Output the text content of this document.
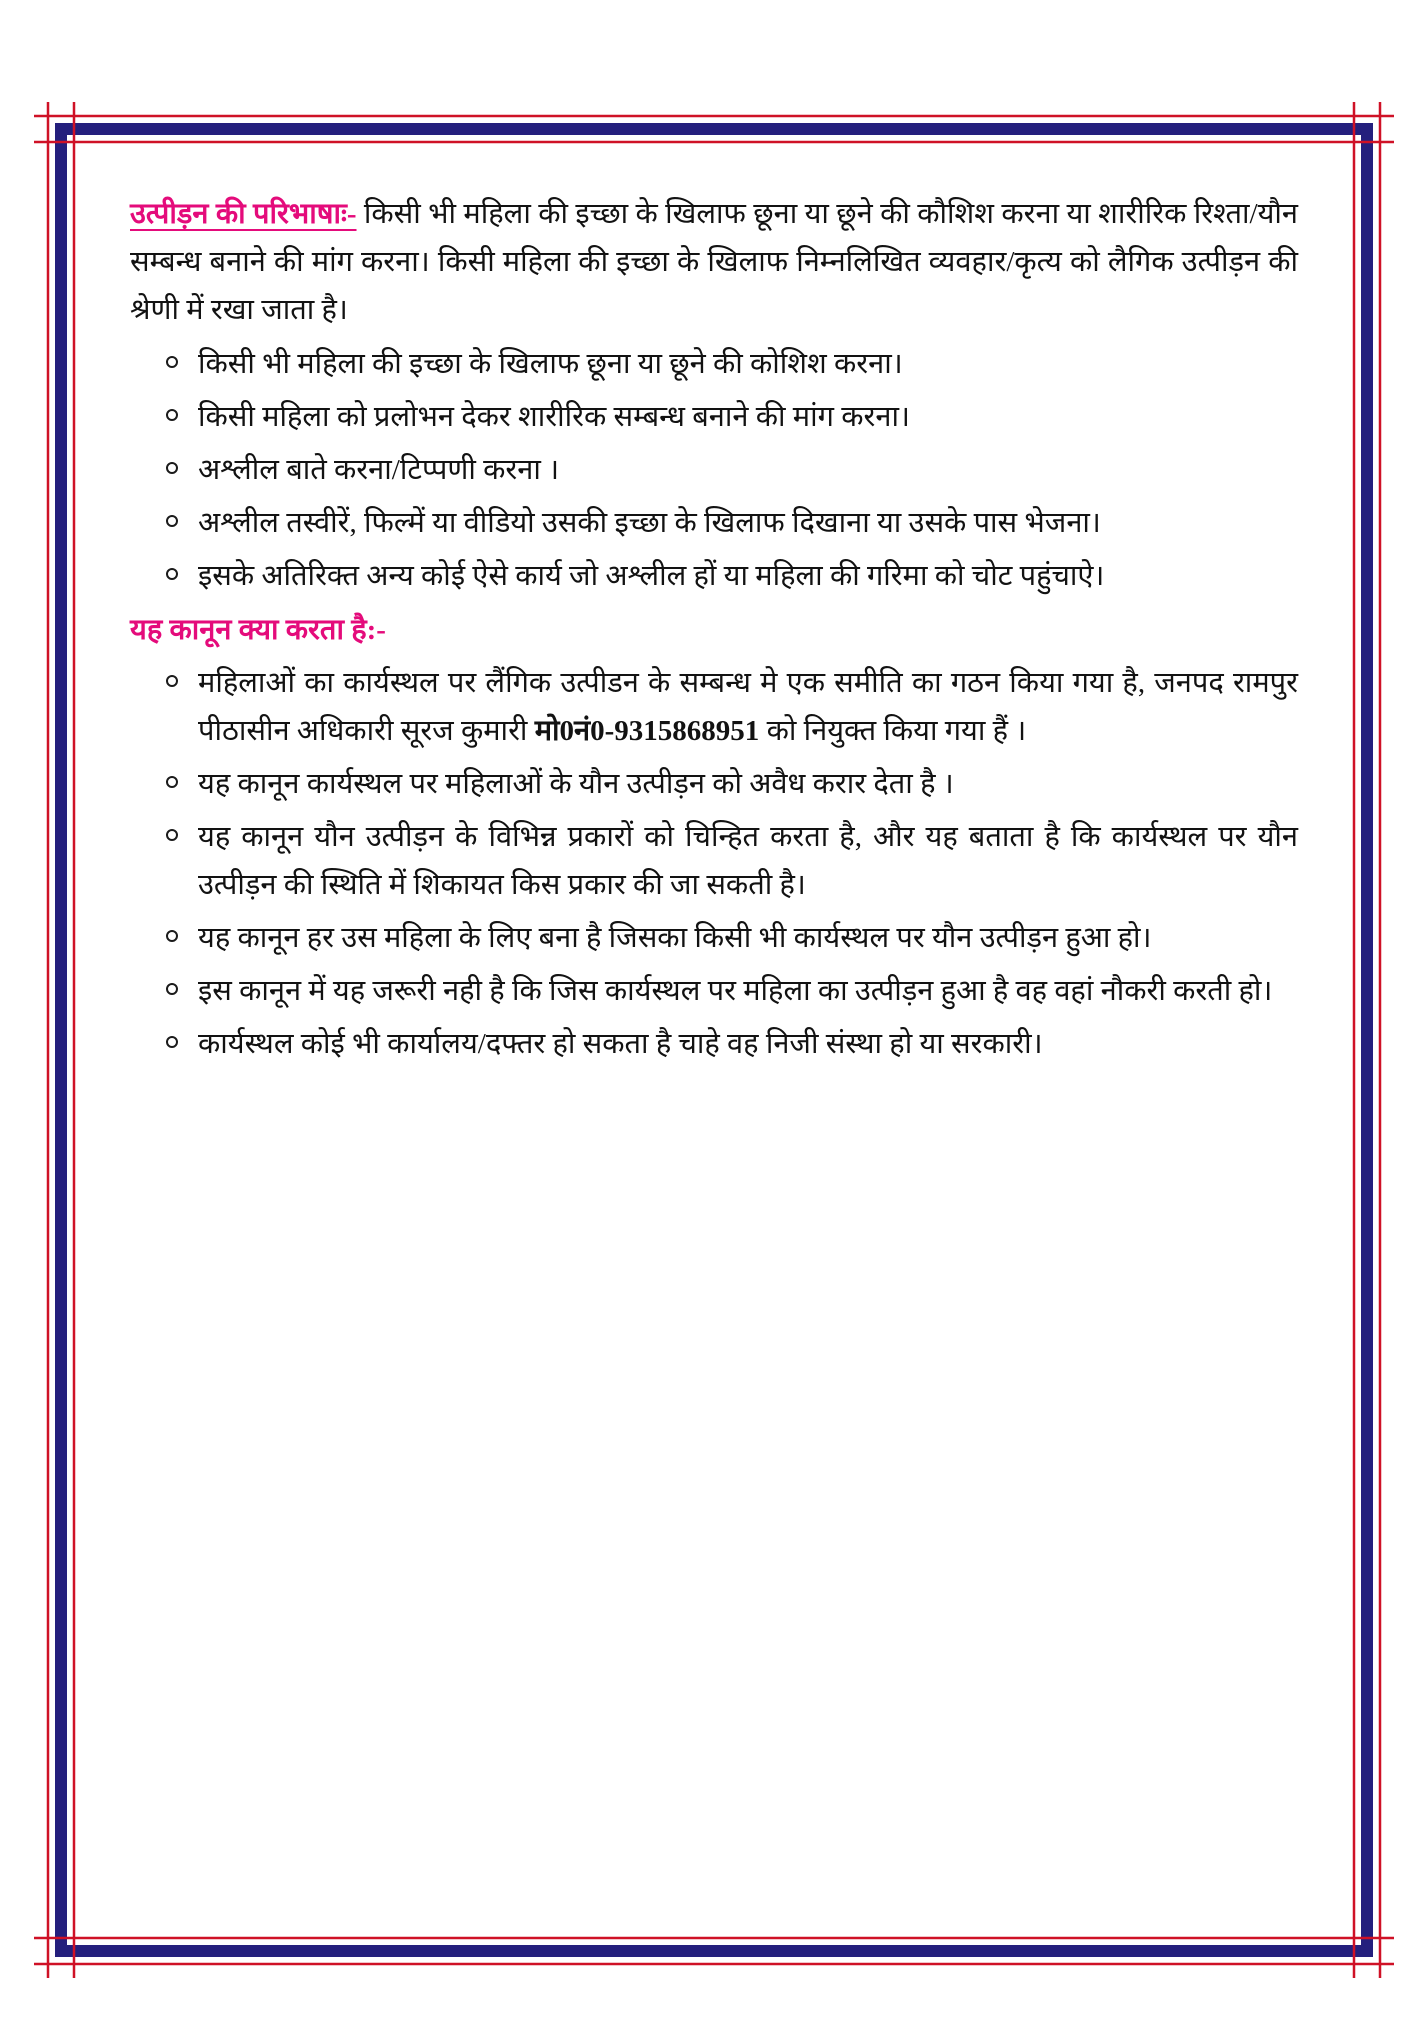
उत्पीड़न की परिभाषाः- किसी भी महिला की इच्छा के खिलाफ छूना या छूने की कौशिश करना या शारीरिक रिश्ता/यौन सम्बन्ध बनाने की मांग करना। किसी महिला की इच्छा के खिलाफ निम्नलिखित व्यवहार/कृत्य को लैगिक उत्पीड़न की श्रेणी में रखा जाता है।

किसी भी महिला की इच्छा के खिलाफ छूना या छूने की कोशिश करना।
किसी महिला को प्रलोभन देकर शारीरिक सम्बन्ध बनाने की मांग करना।
अश्लील बाते करना/टिप्पणी करना ।
अश्लील तस्वीरें, फिल्में या वीडियो उसकी इच्छा के खिलाफ दिखाना या उसके पास भेजना।
इसके अतिरिक्त अन्य कोई ऐसे कार्य जो अश्लील हों या महिला की गरिमा को चोट पहुंचाऐ।
यह कानून क्या करता है:-
महिलाओं का कार्यस्थल पर लैंगिक उत्पीडन के सम्बन्ध मे एक समीति का गठन किया गया है, जनपद रामपुर पीठासीन अधिकारी सूरज कुमारी मो0नं0-9315868951 को नियुक्त किया गया हैं ।
यह कानून कार्यस्थल पर महिलाओं के यौन उत्पीड़न को अवैध करार देता है ।
यह कानून यौन उत्पीड़न के विभिन्न प्रकारों को चिन्हित करता है, और यह बताता है कि कार्यस्थल पर यौन उत्पीड़न की स्थिति में शिकायत किस प्रकार की जा सकती है।
यह कानून हर उस महिला के लिए बना है जिसका किसी भी कार्यस्थल पर यौन उत्पीड़न हुआ हो।
इस कानून में यह जरूरी नही है कि जिस कार्यस्थल पर महिला का उत्पीड़न हुआ है वह वहां नौकरी करती हो।
कार्यस्थल कोई भी कार्यालय/दफ्तर हो सकता है चाहे वह निजी संस्था हो या सरकारी।
